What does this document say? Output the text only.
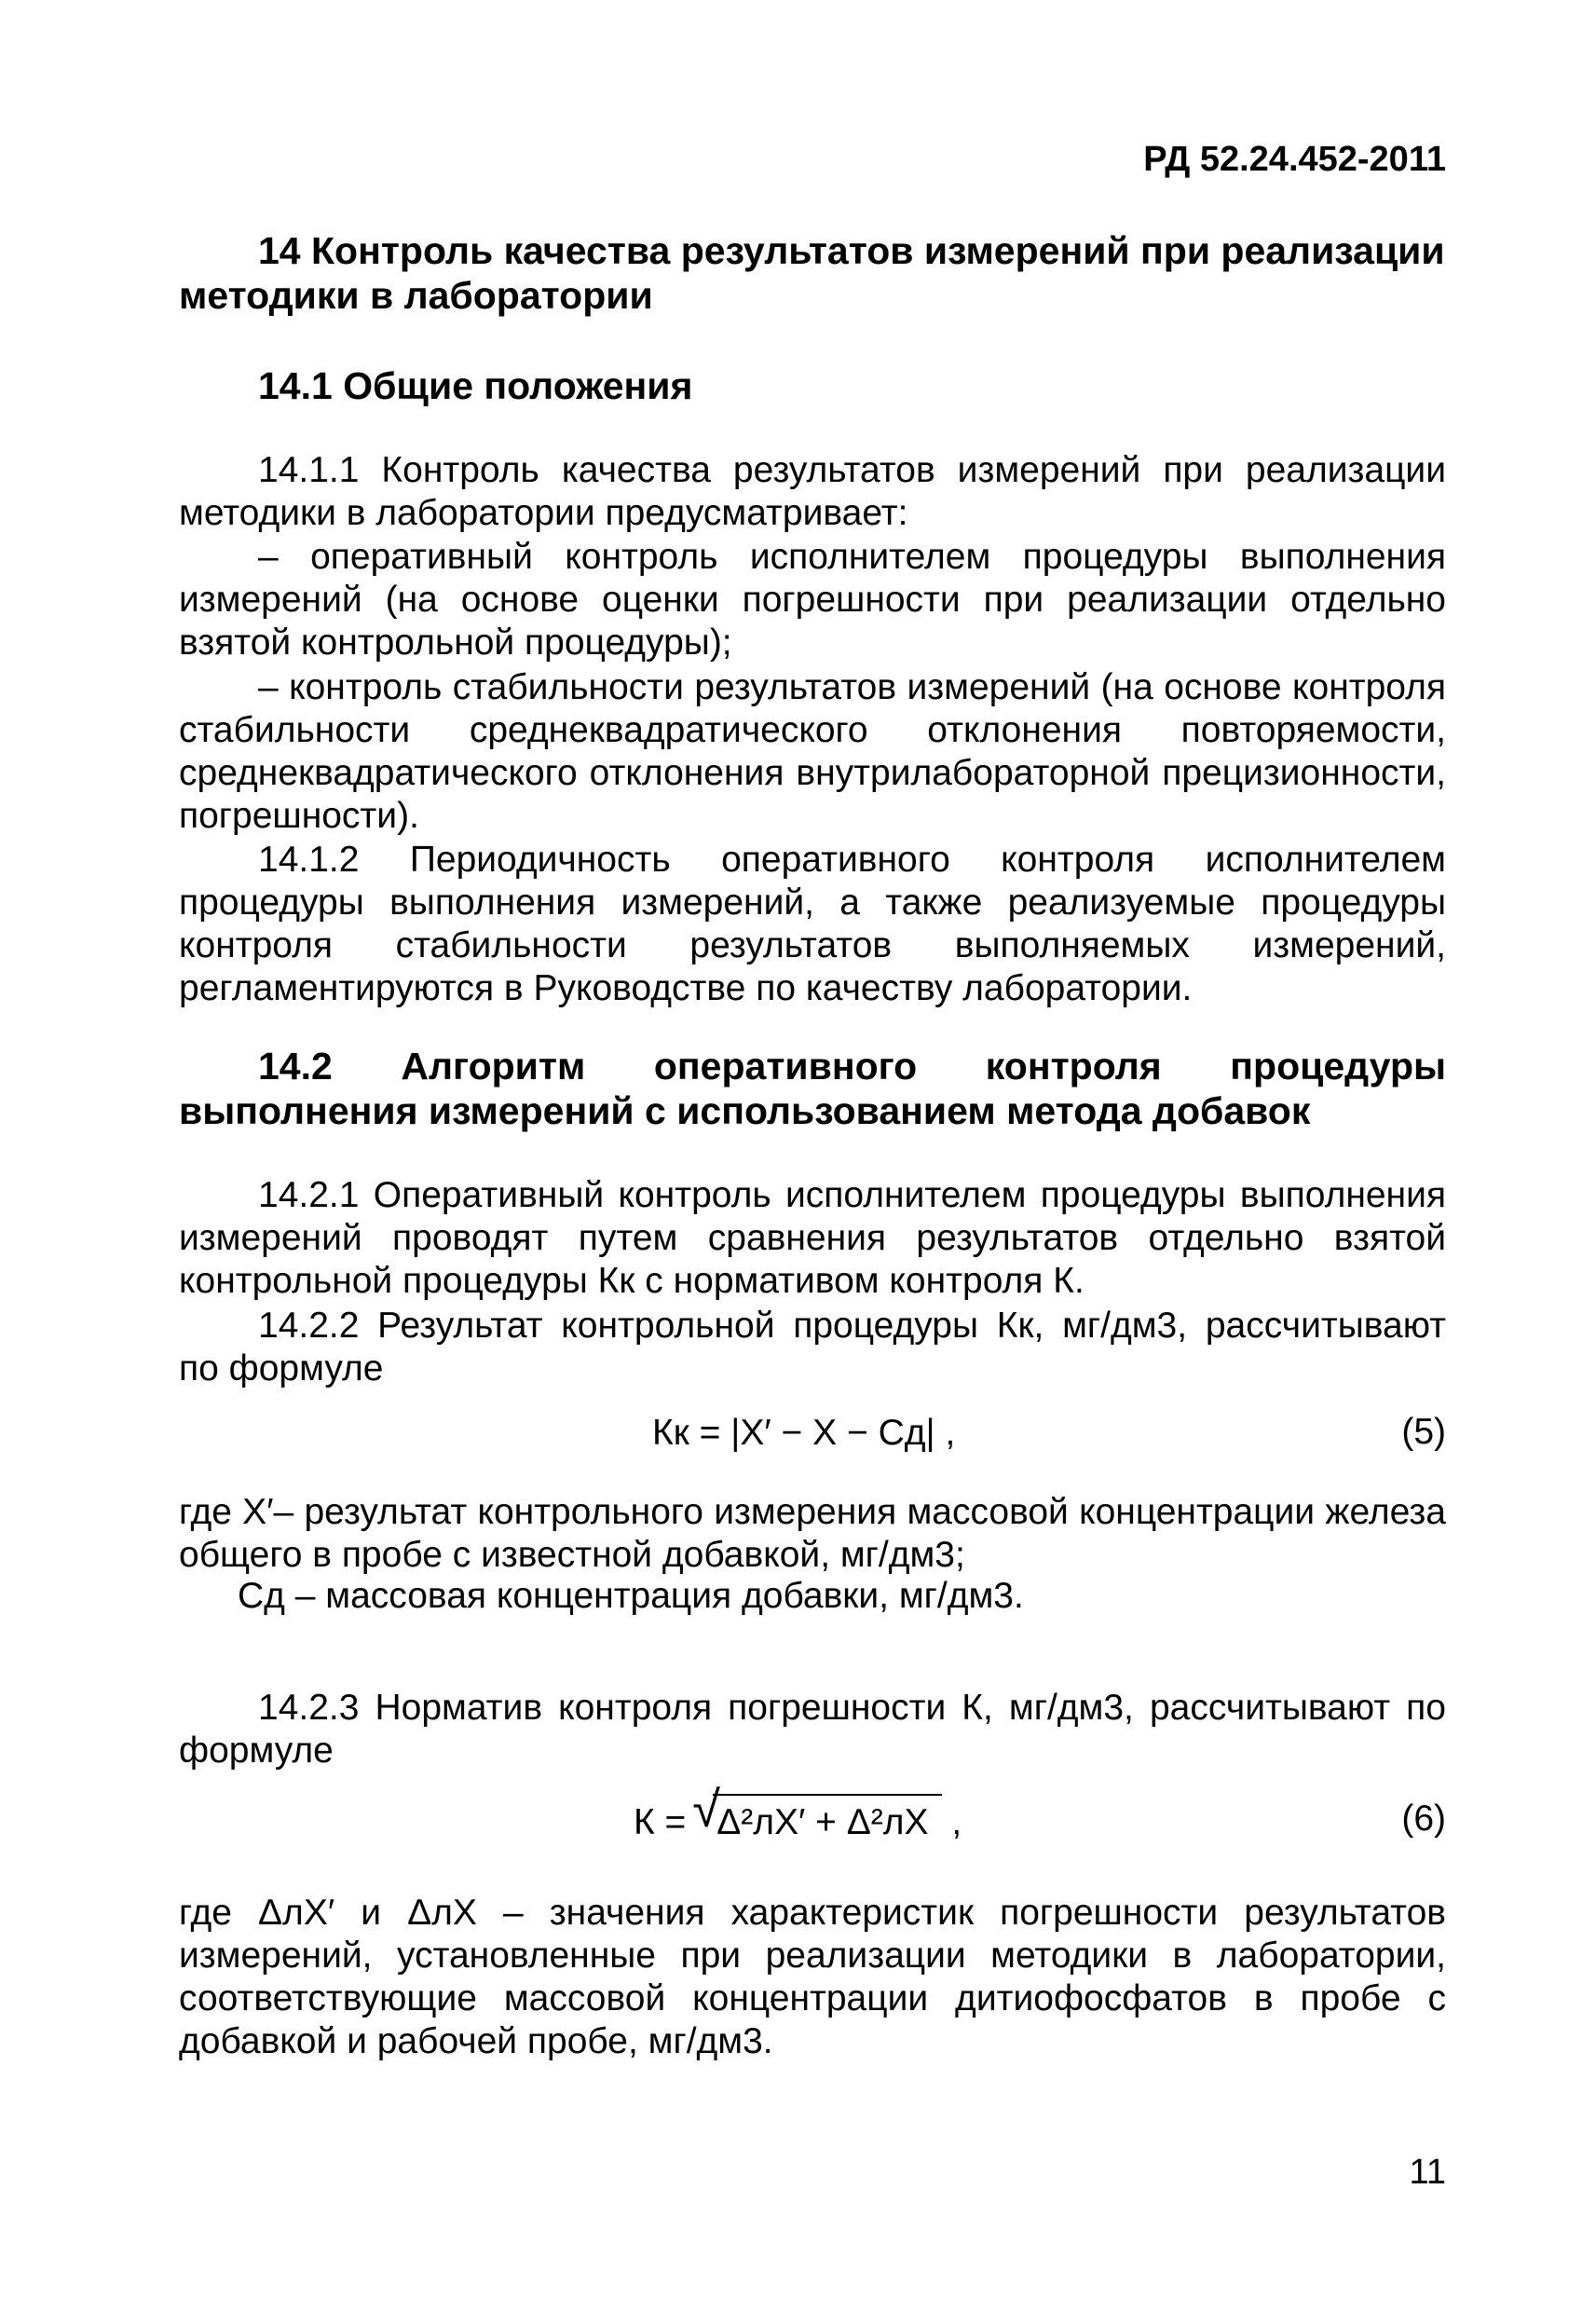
РД 52.24.452-2011
14 Контроль качества результатов измерений при реализации методики в лаборатории
14.1 Общие положения

14.1.1 Контроль качества результатов измерений при реализации методики в лаборатории предусматривает:

– оперативный контроль исполнителем процедуры выполнения измерений (на основе оценки погрешности при реализации отдельно взятой контрольной процедуры);

– контроль стабильности результатов измерений (на основе контроля стабильности среднеквадратического отклонения повторяемости, среднеквадратического отклонения внутрилабораторной прецизионности, погрешности).

14.1.2 Периодичность оперативного контроля исполнителем процедуры выполнения измерений, а также реализуемые процедуры контроля стабильности результатов выполняемых измерений, регламентируются в Руководстве по качеству лаборатории.

14.2 Алгоритм оперативного контроля процедуры выполнения измерений с использованием метода добавок

14.2.1 Оперативный контроль исполнителем процедуры выполнения измерений проводят путем сравнения результатов отдельно взятой контрольной процедуры Кк с нормативом контроля К.

14.2.2 Результат контрольной процедуры Кк, мг/дм3, рассчитывают по формуле

Кк = |X′ − X − Сд| ,	(5)

где X′– результат контрольного измерения массовой концентрации железа общего в пробе с известной добавкой, мг/дм3;

Сд – массовая концентрация добавки, мг/дм3.

14.2.3 Норматив контроля погрешности К, мг/дм3, рассчитывают по формуле

К = √ Δ²лX′ + Δ²лX ,	(6)

где ΔлX′ и ΔлX – значения характеристик погрешности результатов измерений, установленные при реализации методики в лаборатории, соответствующие массовой концентрации дитиофосфатов в пробе с добавкой и рабочей пробе, мг/дм3.

11
